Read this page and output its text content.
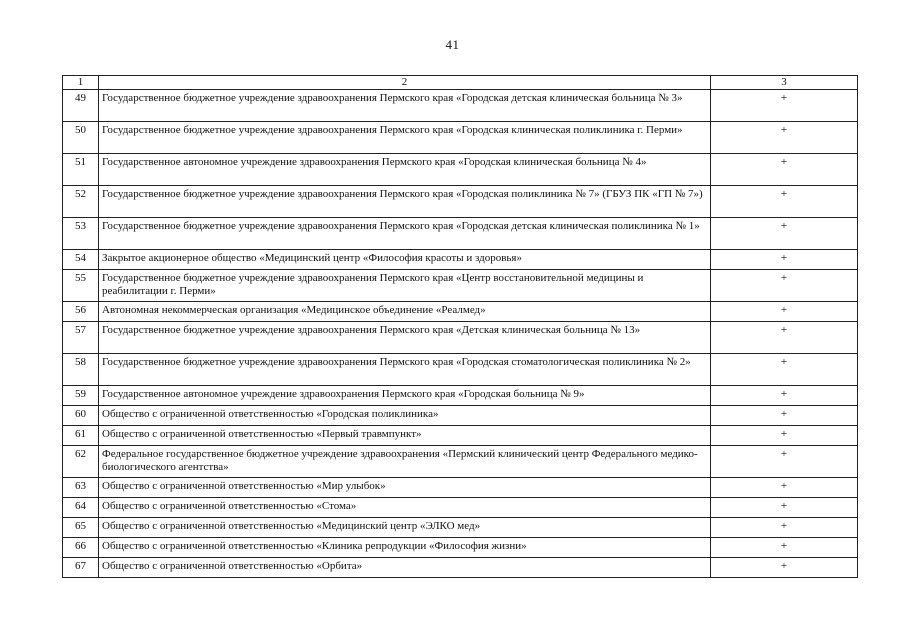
41
1	2	3
49	Государственное бюджетное учреждение здравоохранения Пермского края «Городская детская клиническая больница № 3»	+
50	Государственное бюджетное учреждение здравоохранения Пермского края «Городская клиническая поликлиника г. Перми»	+
51	Государственное автономное учреждение здравоохранения Пермского края «Городская клиническая больница № 4»	+
52	Государственное бюджетное учреждение здравоохранения Пермского края «Городская поликлиника № 7» (ГБУЗ ПК «ГП № 7»)	+
53	Государственное бюджетное учреждение здравоохранения Пермского края «Городская детская клиническая поликлиника № 1»	+
54	Закрытое акционерное общество «Медицинский центр «Философия красоты и здоровья»	+
55	Государственное бюджетное учреждение здравоохранения Пермского края «Центр восстановительной медицины и реабилитации г. Перми»	+
56	Автономная некоммерческая организация «Медицинское объединение «Реалмед»	+
57	Государственное бюджетное учреждение здравоохранения Пермского края «Детская клиническая больница № 13»	+
58	Государственное бюджетное учреждение здравоохранения Пермского края «Городская стоматологическая поликлиника № 2»	+
59	Государственное автономное учреждение здравоохранения Пермского края «Городская больница № 9»	+
60	Общество с ограниченной ответственностью «Городская поликлиника»	+
61	Общество с ограниченной ответственностью «Первый травмпункт»	+
62	Федеральное государственное бюджетное учреждение здравоохранения «Пермский клинический центр Федерального медико-биологического агентства»	+
63	Общество с ограниченной ответственностью «Мир улыбок»	+
64	Общество с ограниченной ответственностью «Стома»	+
65	Общество с ограниченной ответственностью «Медицинский центр «ЭЛКО мед»	+
66	Общество с ограниченной ответственностью «Клиника репродукции «Философия жизни»	+
67	Общество с ограниченной ответственностью «Орбита»	+
